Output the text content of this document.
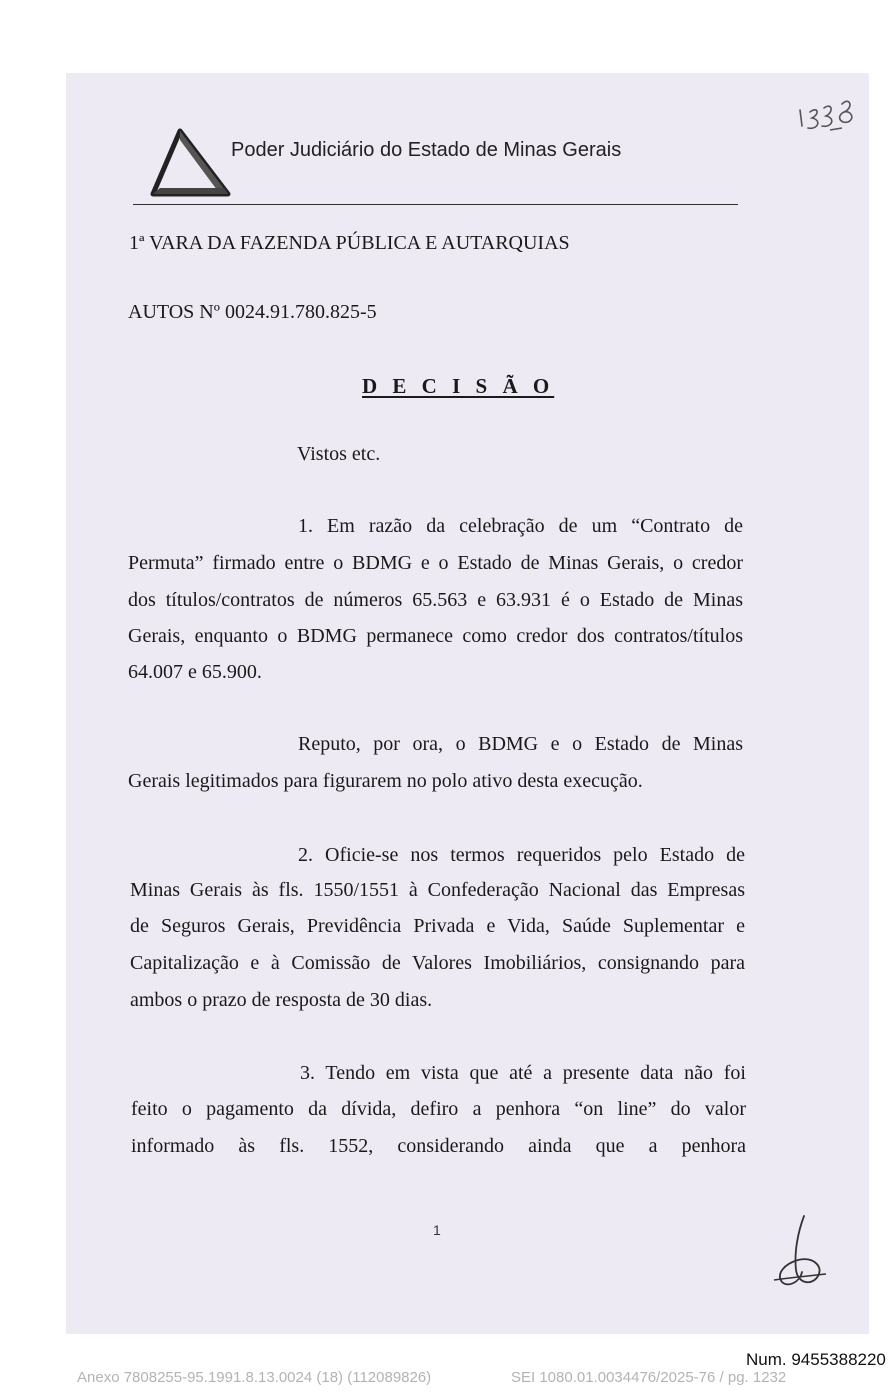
Poder Judiciário do Estado de Minas Gerais

1ª VARA DA FAZENDA PÚBLICA E AUTARQUIAS

AUTOS Nº 0024.91.780.825-5

D E C I S Ã O

Vistos etc.

1. Em razão da celebração de um “Contrato de

Permuta” firmado entre o BDMG e o Estado de Minas Gerais, o credor

dos títulos/contratos de números 65.563 e 63.931 é o Estado de Minas

Gerais, enquanto o BDMG permanece como credor dos contratos/títulos

64.007 e 65.900.

Reputo, por ora, o BDMG e o Estado de Minas

Gerais legitimados para figurarem no polo ativo desta execução.

2. Oficie-se nos termos requeridos pelo Estado de

Minas Gerais às fls. 1550/1551 à Confederação Nacional das Empresas

de Seguros Gerais, Previdência Privada e Vida, Saúde Suplementar e

Capitalização e à Comissão de Valores Imobiliários, consignando para

ambos o prazo de resposta de 30 dias.

3. Tendo em vista que até a presente data não foi

feito o pagamento da dívida, defiro a penhora “on line” do valor

informado às fls. 1552, considerando ainda que a penhora

1

Num. 9455388220

Anexo 7808255-95.1991.8.13.0024 (18) (112089826)	SEI 1080.01.0034476/2025-76 / pg. 1232
